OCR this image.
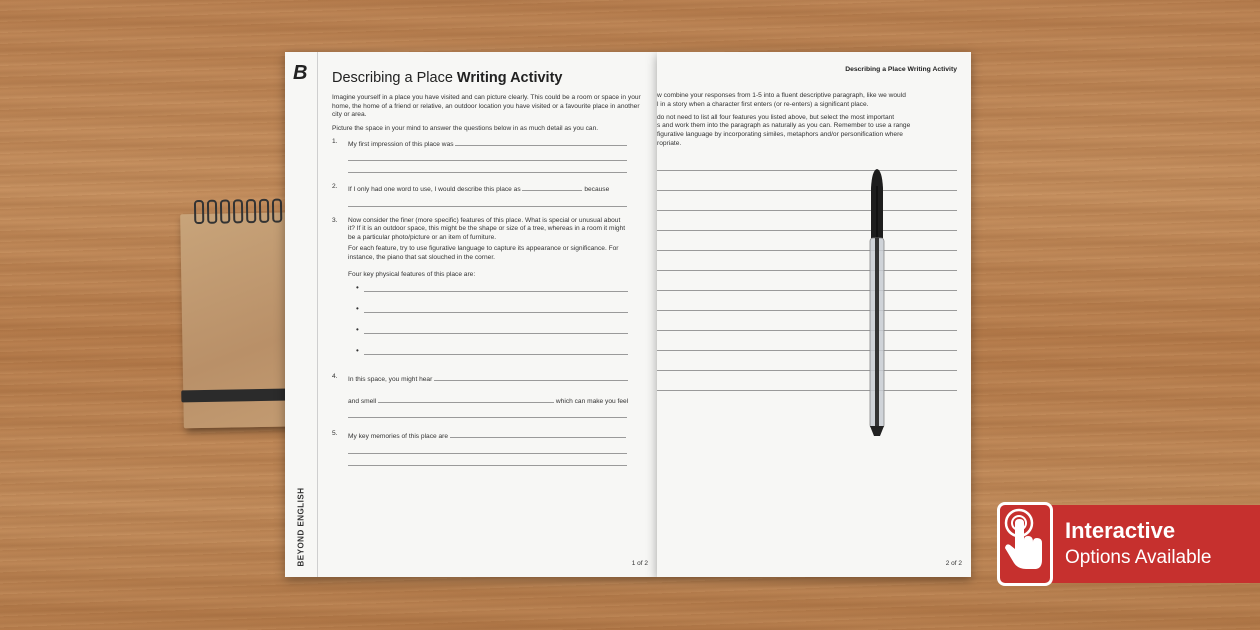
B
BEYOND ENGLISH
Describing a Place Writing Activity

Imagine yourself in a place you have visited and can picture clearly. This could be a room or space in your home, the home of a friend or relative, an outdoor location you have visited or a favourite place in another city or area.

Picture the space in your mind to answer the questions below in as much detail as you can.

1. My first impression of this place was
2. If I only had one word to use, I would describe this place as	because
3. Now consider the finer (more specific) features of this place. What is special or unusual about it? If it is an outdoor space, this might be the shape or size of a tree, whereas in a room it might be a particular photo/picture or an item of furniture.
For each feature, try to use figurative language to capture its appearance or significance. For instance, the piano that sat slouched in the corner.
Four key physical features of this place are:
•
•
•
•
4. In this space, you might hear
and smell	which can make you feel
5. My key memories of this place are
1 of 2
Describing a Place Writing Activity
w combine your responses from 1-5 into a fluent descriptive paragraph, like we would
l in a story when a character first enters (or re-enters) a significant place.
do not need to list all four features you listed above, but select the most important
s and work them into the paragraph as naturally as you can. Remember to use a range
figurative language by incorporating similes, metaphors and/or personification where
ropriate.
2 of 2
Interactive
Options Available
